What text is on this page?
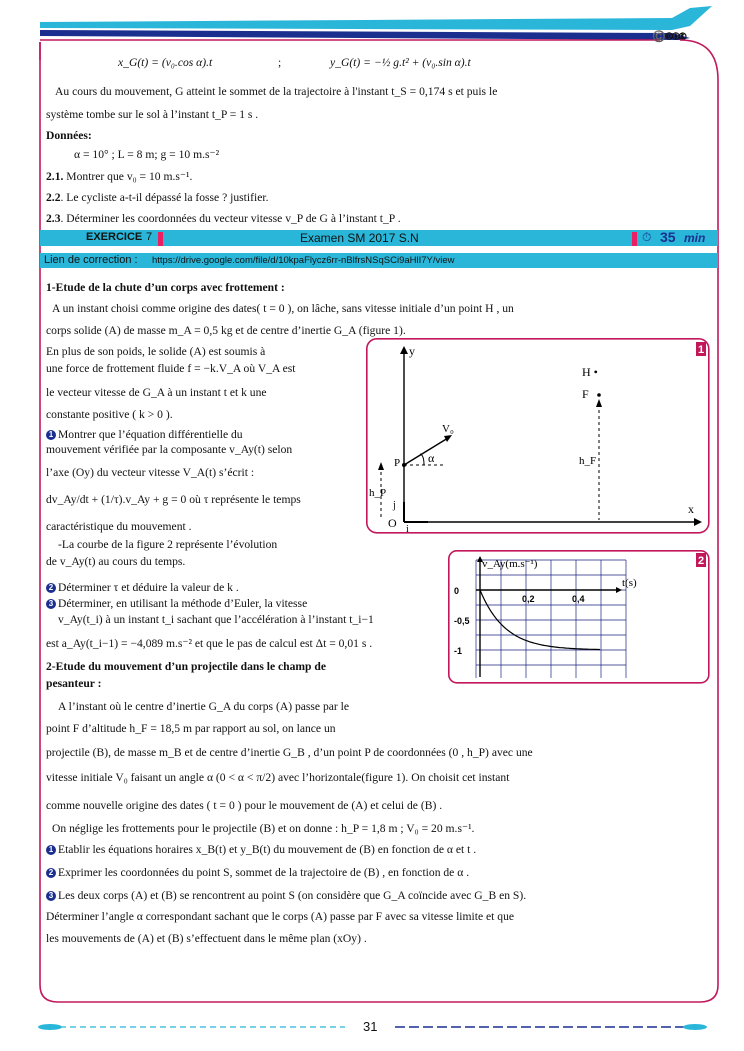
©️🅭🅯🅮
x_G(t) = (v₀.cos α).t	;	y_G(t) = −½ g.t² + (v₀.sin α).t
Au cours du mouvement, G atteint le sommet de la trajectoire à l'instant t_S = 0,174 s et puis le
système tombe sur le sol à l’instant t_P = 1 s .
Données:
α = 10° ; L = 8 m; g = 10 m.s⁻²
2.1. Montrer que v₀ = 10 m.s⁻¹.
2.2. Le cycliste a-t-il dépassé la fosse ? justifier.
2.3. Déterminer les coordonnées du vecteur vitesse v_P de G à l’instant t_P .
EXERCICE 7	Examen SM 2017 S.N	⏱ 35 min
Lien de correction : https://drive.google.com/file/d/10kpaFlycz6rr-nBlfrsNSqSCi9aHlI7Y/view
1-Etude de la chute d’un corps avec frottement :
A un instant choisi comme origine des dates( t = 0 ), on lâche, sans vitesse initiale d’un point H , un
corps solide (A) de masse m_A = 0,5 kg et de centre d’inertie G_A (figure 1).
En plus de son poids, le solide (A) est soumis à
une force de frottement fluide f = −k.V_A où V_A est
le vecteur vitesse de G_A à un instant t et k une
constante positive ( k > 0 ).
1 Montrer que l’équation différentielle du
mouvement vérifiée par la composante v_Ay(t) selon
l’axe (Oy) du vecteur vitesse V_A(t) s’écrit :
dv_Ay/dt + (1/τ).v_Ay + g = 0 où τ représente le temps
caractéristique du mouvement .
-La courbe de la figure 2 représente l’évolution
de v_Ay(t) au cours du temps.
2 Déterminer τ et déduire la valeur de k .
3 Déterminer, en utilisant la méthode d’Euler, la vitesse
v_Ay(t_i) à un instant t_i sachant que l’accélération à l’instant t_i−1
est a_Ay(t_i−1) = −4,089 m.s⁻² et que le pas de calcul est Δt = 0,01 s .
2-Etude du mouvement d’un projectile dans le champ de
pesanteur :
A l’instant où le centre d’inertie G_A du corps (A) passe par le
point F d’altitude h_F = 18,5 m par rapport au sol, on lance un
projectile (B), de masse m_B et de centre d’inertie G_B , d’un point P de coordonnées (0 , h_P) avec une
vitesse initiale V₀ faisant un angle α (0 < α < π/2) avec l’horizontale(figure 1). On choisit cet instant
comme nouvelle origine des dates ( t = 0 ) pour le mouvement de (A) et celui de (B) .
On néglige les frottements pour le projectile (B) et on donne : h_P = 1,8 m ; V₀ = 20 m.s⁻¹.
1 Etablir les équations horaires x_B(t) et y_B(t) du mouvement de (B) en fonction de α et t .
2 Exprimer les coordonnées du point S, sommet de la trajectoire de (B) , en fonction de α .
3 Les deux corps (A) et (B) se rencontrent au point S (on considère que G_A coïncide avec G_B en S).
Déterminer l’angle α correspondant sachant que le corps (A) passe par F avec sa vitesse limite et que
les mouvements de (A) et (B) s’effectuent dans le même plan (xOy) .
1
y
x
O i
j
h_P
P α
V₀
H •
F
h_F
2
0
-0,5
-1
0,2	0,4
v_Ay(m.s⁻¹)
t(s)
31
